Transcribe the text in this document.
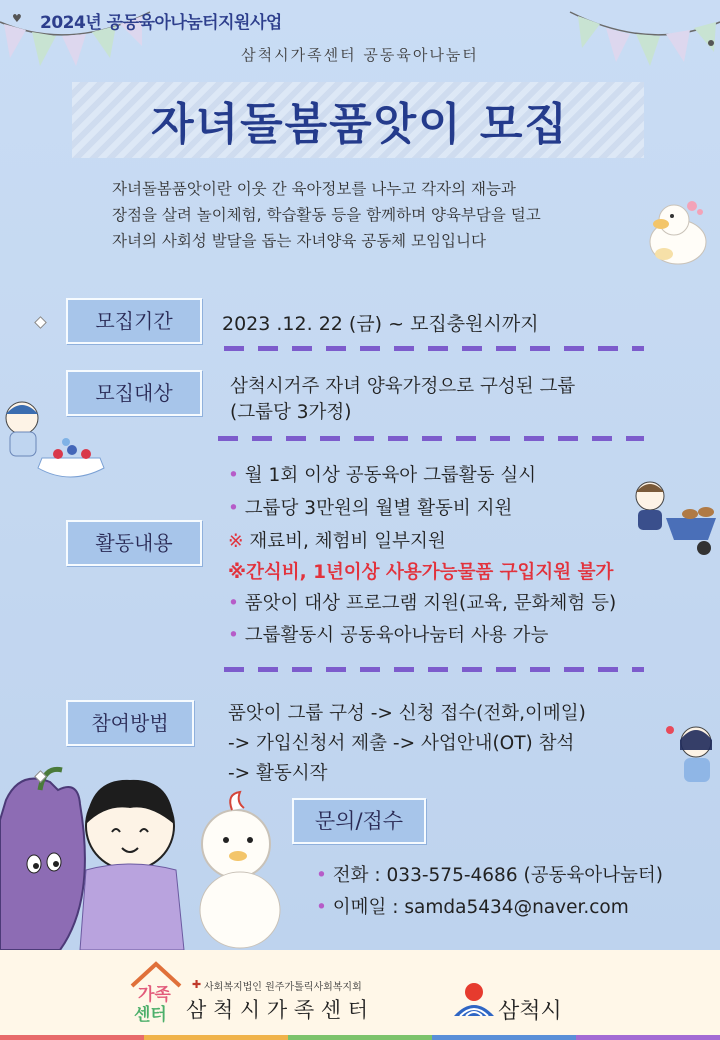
♥ 2024년 공동육아나눔터지원사업
삼척시가족센터 공동육아나눔터
자녀돌봄품앗이 모집
자녀돌봄품앗이란 이웃 간 육아정보를 나누고 각자의 재능과
장점을 살려 놀이체험, 학습활동 등을 함께하며 양육부담을 덜고
자녀의 사회성 발달을 돕는 자녀양육 공동체 모임입니다
모집기간	2023 .12. 22 (금) ~ 모집충원시까지
모집대상	삼척시거주 자녀 양육가정으로 구성된 그룹
(그룹당 3가정)
활동내용
• 월 1회 이상 공동육아 그룹활동 실시
• 그룹당 3만원의 월별 활동비 지원
※ 재료비, 체험비 일부지원
※간식비, 1년이상 사용가능물품 구입지원 불가
• 품앗이 대상 프로그램 지원(교육, 문화체험 등)
• 그룹활동시 공동육아나눔터 사용 가능
참여방법	품앗이 그룹 구성 -> 신청 접수(전화,이메일)
-> 가입신청서 제출 -> 사업안내(OT) 참석
-> 활동시작
문의/접수
• 전화 : 033-575-4686 (공동육아나눔터)
• 이메일 : samda5434@naver.com
가족
센터
✚ 사회복지법인 원주가톨릭사회복지회
삼 척 시 가 족 센 터	삼척시
